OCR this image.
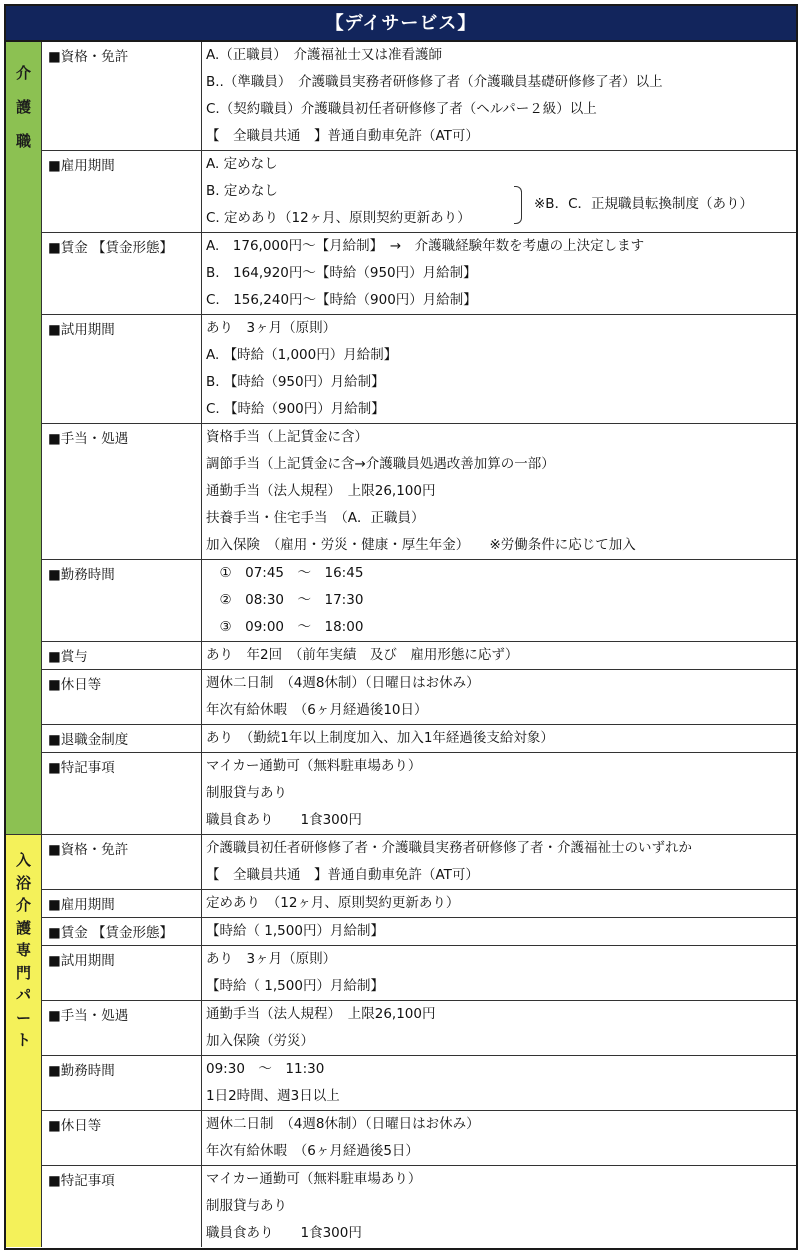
【デイサービス】
介
護
職
■資格・免許	A.（正職員）　介護福祉士又は准看護師
B..（準職員）　介護職員実務者研修修了者（介護職員基礎研修修了者）以上
C.（契約職員）介護職員初任者研修修了者（ヘルパー２級）以上
【　全職員共通　】普通自動車免許（AT可）
■雇用期間	A. 定めなし
B. 定めなし
C. 定めあり（12ヶ月、原則契約更新あり）
※B．C．正規職員転換制度（あり）
■賃金 【賃金形態】	A.　176,000円～【月給制】　→　介護職経験年数を考慮の上決定します
B.　164,920円～【時給（950円）月給制】
C.　156,240円～【時給（900円）月給制】
■試用期間	あり　3ヶ月（原則）
A. 【時給（1,000円）月給制】
B. 【時給（950円）月給制】
C. 【時給（900円）月給制】
■手当・処遇	資格手当（上記賃金に含）
調節手当（上記賃金に含→介護職員処遇改善加算の一部）
通勤手当（法人規程）　上限26,100円
扶養手当・住宅手当　（A．正職員）
加入保険　（雇用・労災・健康・厚生年金）　　※労働条件に応じて加入
■勤務時間	　①　07:45　～　16:45
　②　08:30　～　17:30
　③　09:00　～　18:00
■賞与	あり　年2回　（前年実績　及び　雇用形態に応ず）
■休日等	週休二日制　（4週8休制）（日曜日はお休み）
年次有給休暇　（6ヶ月経過後10日）
■退職金制度	あり　（勤続1年以上制度加入、加入1年経過後支給対象）
■特記事項	マイカー通勤可（無料駐車場あり）
制服貸与あり
職員食あり　　1食300円
入
浴
介
護
専
門
パ
ー
ト
■資格・免許	介護職員初任者研修修了者・介護職員実務者研修修了者・介護福祉士のいずれか
【　全職員共通　】普通自動車免許（AT可）
■雇用期間	定めあり　（12ヶ月、原則契約更新あり）
■賃金 【賃金形態】	【時給（ 1,500円）月給制】
■試用期間	あり　3ヶ月（原則）
【時給（ 1,500円）月給制】
■手当・処遇	通勤手当（法人規程）　上限26,100円
加入保険（労災）
■勤務時間	09:30　～　11:30
1日2時間、週3日以上
■休日等	週休二日制　（4週8休制）（日曜日はお休み）
年次有給休暇　（6ヶ月経過後5日）
■特記事項	マイカー通勤可（無料駐車場あり）
制服貸与あり
職員食あり　　1食300円
